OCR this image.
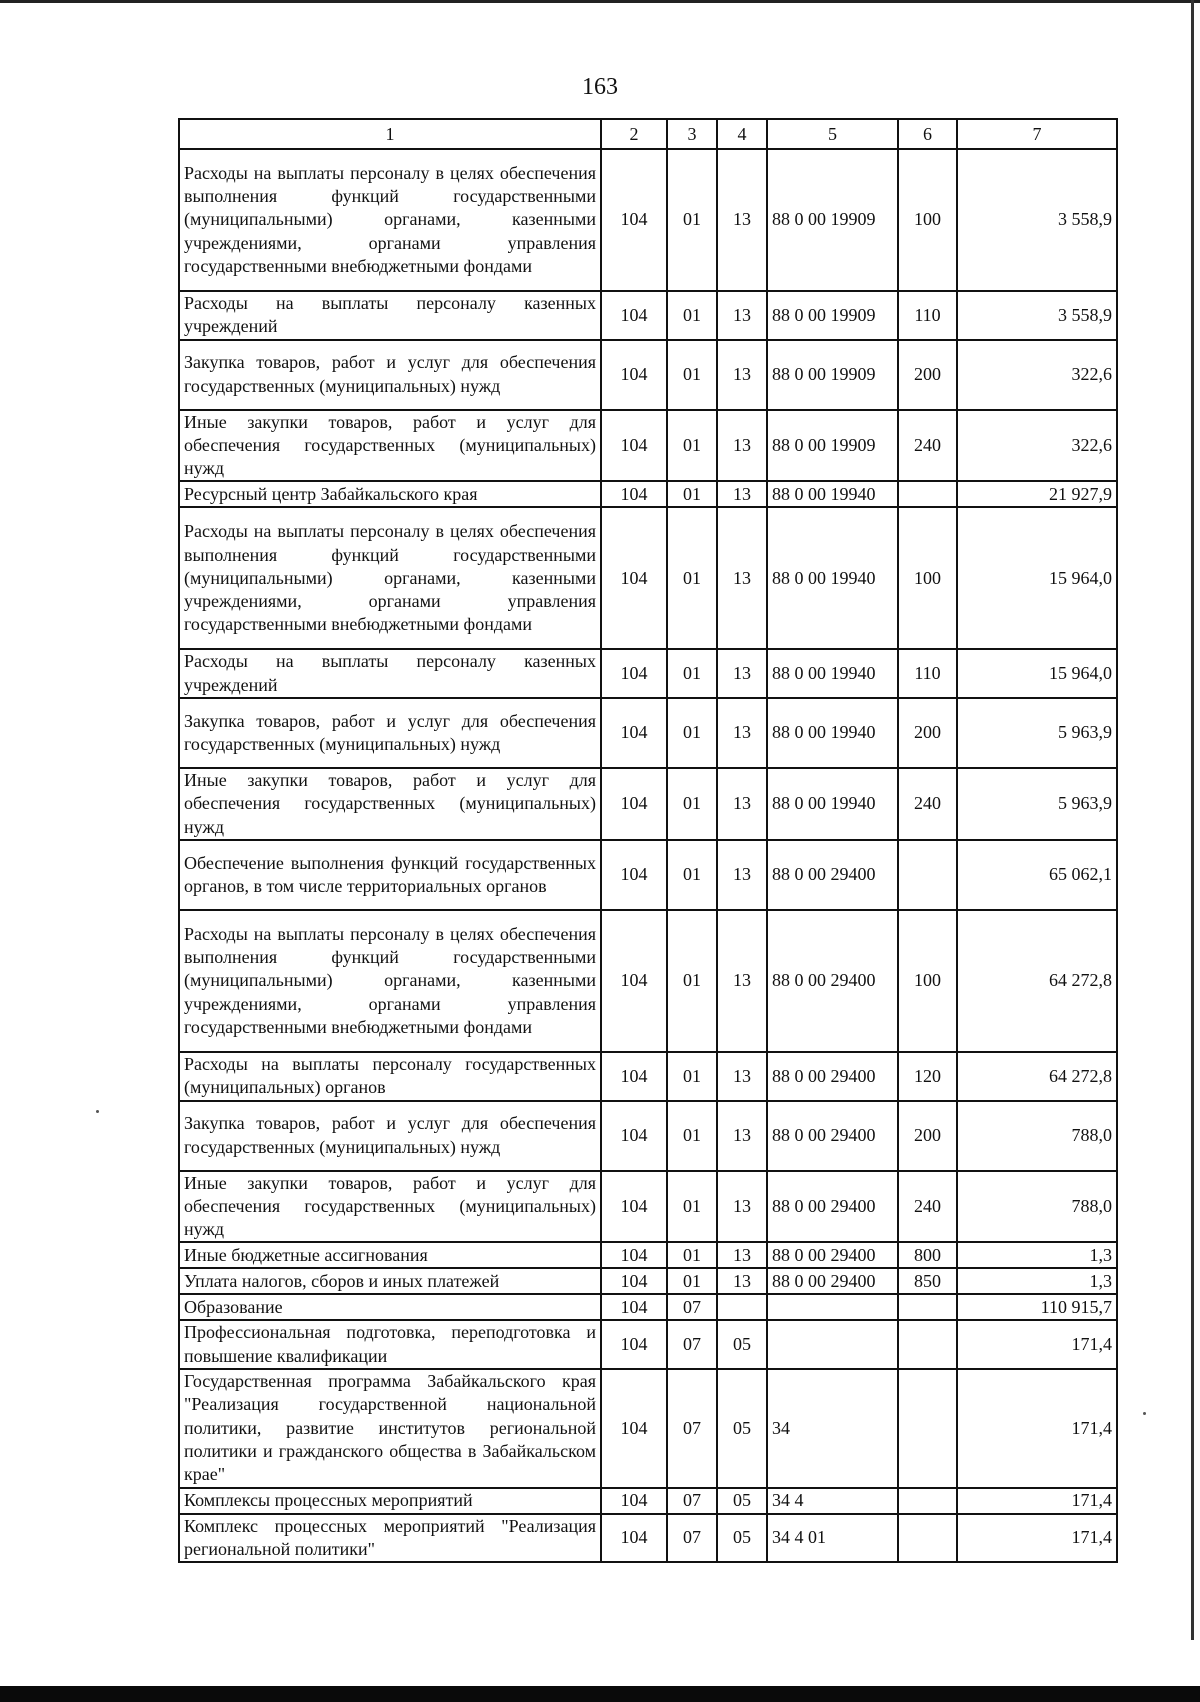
163
1	2	3	4	5	6	7
Расходы на выплаты персоналу в целях обеспечения выполнения функций государственными (муниципальными) органами, казенными учреждениями, органами управления государственными внебюджетными фондами	104	01	13	88 0 00 19909	100	3 558,9
Расходы на выплаты персоналу казенных учреждений	104	01	13	88 0 00 19909	110	3 558,9
Закупка товаров, работ и услуг для обеспечения государственных (муниципальных) нужд	104	01	13	88 0 00 19909	200	322,6
Иные закупки товаров, работ и услуг для обеспечения государственных (муниципальных) нужд	104	01	13	88 0 00 19909	240	322,6
Ресурсный центр Забайкальского края	104	01	13	88 0 00 19940		21 927,9
Расходы на выплаты персоналу в целях обеспечения выполнения функций государственными (муниципальными) органами, казенными учреждениями, органами управления государственными внебюджетными фондами	104	01	13	88 0 00 19940	100	15 964,0
Расходы на выплаты персоналу казенных учреждений	104	01	13	88 0 00 19940	110	15 964,0
Закупка товаров, работ и услуг для обеспечения государственных (муниципальных) нужд	104	01	13	88 0 00 19940	200	5 963,9
Иные закупки товаров, работ и услуг для обеспечения государственных (муниципальных) нужд	104	01	13	88 0 00 19940	240	5 963,9
Обеспечение выполнения функций государственных органов, в том числе территориальных органов	104	01	13	88 0 00 29400		65 062,1
Расходы на выплаты персоналу в целях обеспечения выполнения функций государственными (муниципальными) органами, казенными учреждениями, органами управления государственными внебюджетными фондами	104	01	13	88 0 00 29400	100	64 272,8
Расходы на выплаты персоналу государственных (муниципальных) органов	104	01	13	88 0 00 29400	120	64 272,8
Закупка товаров, работ и услуг для обеспечения государственных (муниципальных) нужд	104	01	13	88 0 00 29400	200	788,0
Иные закупки товаров, работ и услуг для обеспечения государственных (муниципальных) нужд	104	01	13	88 0 00 29400	240	788,0
Иные бюджетные ассигнования	104	01	13	88 0 00 29400	800	1,3
Уплата налогов, сборов и иных платежей	104	01	13	88 0 00 29400	850	1,3
Образование	104	07				110 915,7
Профессиональная подготовка, переподготовка и повышение квалификации	104	07	05			171,4
Государственная программа Забайкальского края "Реализация государственной национальной политики, развитие институтов региональной политики и гражданского общества в Забайкальском крае"	104	07	05	34		171,4
Комплексы процессных мероприятий	104	07	05	34 4		171,4
Комплекс процессных мероприятий "Реализация региональной политики"	104	07	05	34 4 01		171,4
